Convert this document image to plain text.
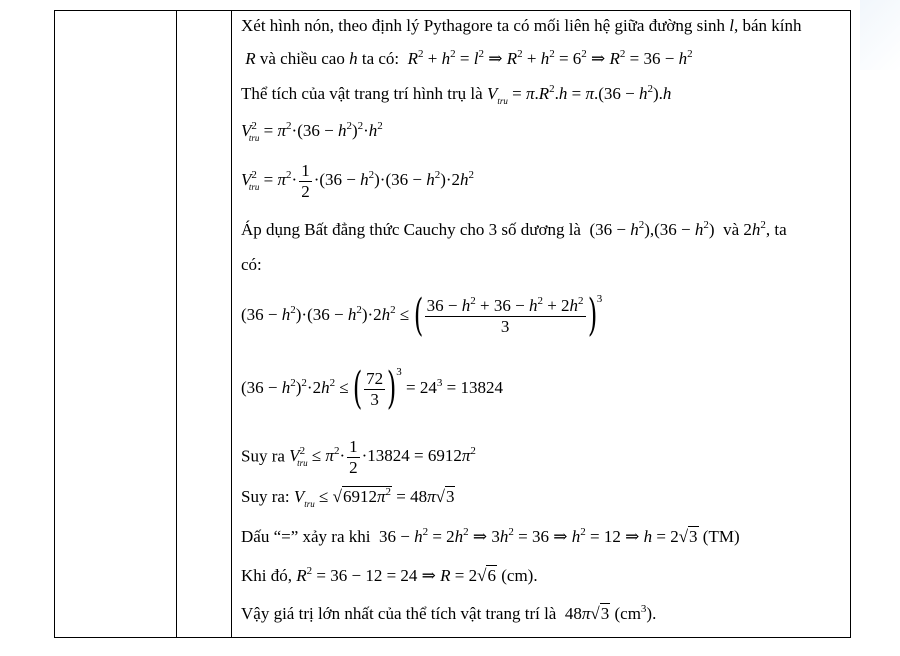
Xét hình nón, theo định lý Pythagore ta có mối liên hệ giữa đường sinh l, bán kính
R và chiều cao h ta có: $R^2 + h^2 = l^2$ ⇒ $R^2 + h^2 = 6^2$ ⇒ $R^2 = 36 - h^2$
Thể tích của vật trang trí hình trụ là $V_{tru} = \pi.R^2.h = \pi.(36 - h^2).h$
$V^2_{tru} = \pi^2\cdot(36 - h^2)^2\cdot h^2$
$V^2_{tru} = \pi^2\cdot \frac{1}{2} \cdot(36 - h^2)\cdot(36 - h^2)\cdot 2h^2$
Áp dụng Bất đẳng thức Cauchy cho 3 số dương là $(36 - h^2),(36 - h^2)$ và $2h^2$, ta
có:
$(36 - h^2)\cdot(36 - h^2)\cdot 2h^2$ ≤ ( $\frac{36 - h^2 + 36 - h^2 + 2h^2}{3} )^3$
$(36 - h^2)^2\cdot 2h^2$ ≤ ( $\frac{72}{3} )^3 = 24^3 = 13824$
Suy ra $V^2_{tru} \le \pi^2\cdot \frac{1}{2} \cdot 13824 = 6912\pi^2$
Suy ra: $V_{tru} \le √6912\pi^2 = 48\pi√3$
Dấu “=” xảy ra khi $36 - h^2 = 2h^2$ ⇒ $3h^2 = 36$ ⇒ $h^2 = 12$ ⇒ h = 2√3 (TM)
Khi đó, $R^2 = 36 - 12 = 24$ ⇒ R = 2√6 (cm).
Vậy giá trị lớn nhất của thể tích vật trang trí là 48π√3 $(cm^3)$.
